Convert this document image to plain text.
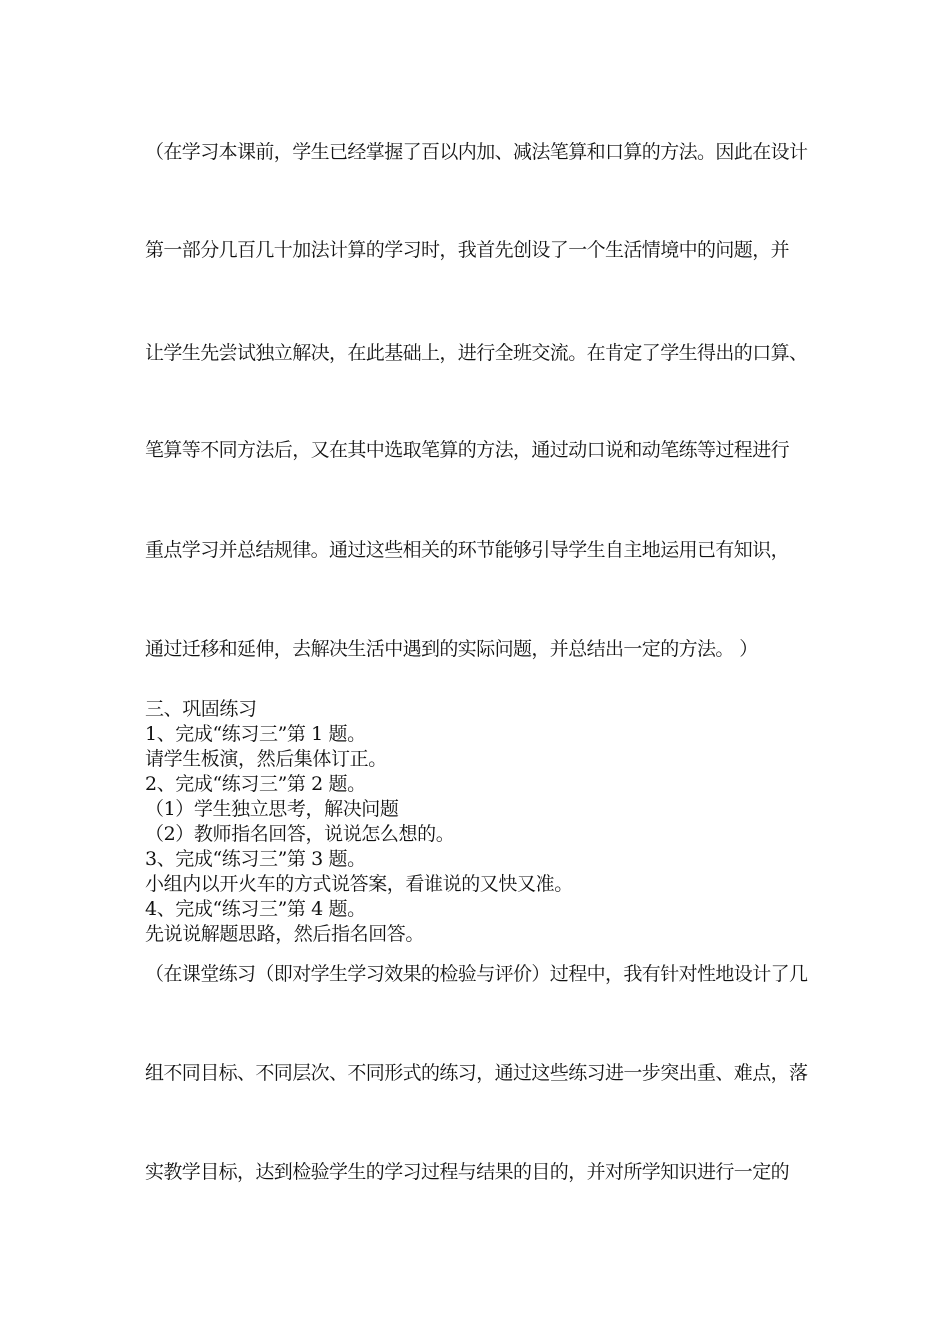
（在学习本课前，学生已经掌握了百以内加、减法笔算和口算的方法。因此在设计
第一部分几百几十加法计算的学习时，我首先创设了一个生活情境中的问题，并
让学生先尝试独立解决，在此基础上，进行全班交流。在肯定了学生得出的口算、
笔算等不同方法后，又在其中选取笔算的方法，通过动口说和动笔练等过程进行
重点学习并总结规律。通过这些相关的环节能够引导学生自主地运用已有知识，
通过迁移和延伸，去解决生活中遇到的实际问题，并总结出一定的方法。 ）
三、巩固练习
1、完成“练习三”第 1 题。
请学生板演，然后集体订正。
2、完成“练习三”第 2 题。
（1）学生独立思考，解决问题
（2）教师指名回答，说说怎么想的。
3、完成“练习三”第 3 题。
小组内以开火车的方式说答案，看谁说的又快又准。
4、完成“练习三”第 4 题。
先说说解题思路，然后指名回答。
（在课堂练习（即对学生学习效果的检验与评价）过程中，我有针对性地设计了几
组不同目标、不同层次、不同形式的练习，通过这些练习进一步突出重、难点，落
实教学目标，达到检验学生的学习过程与结果的目的，并对所学知识进行一定的
